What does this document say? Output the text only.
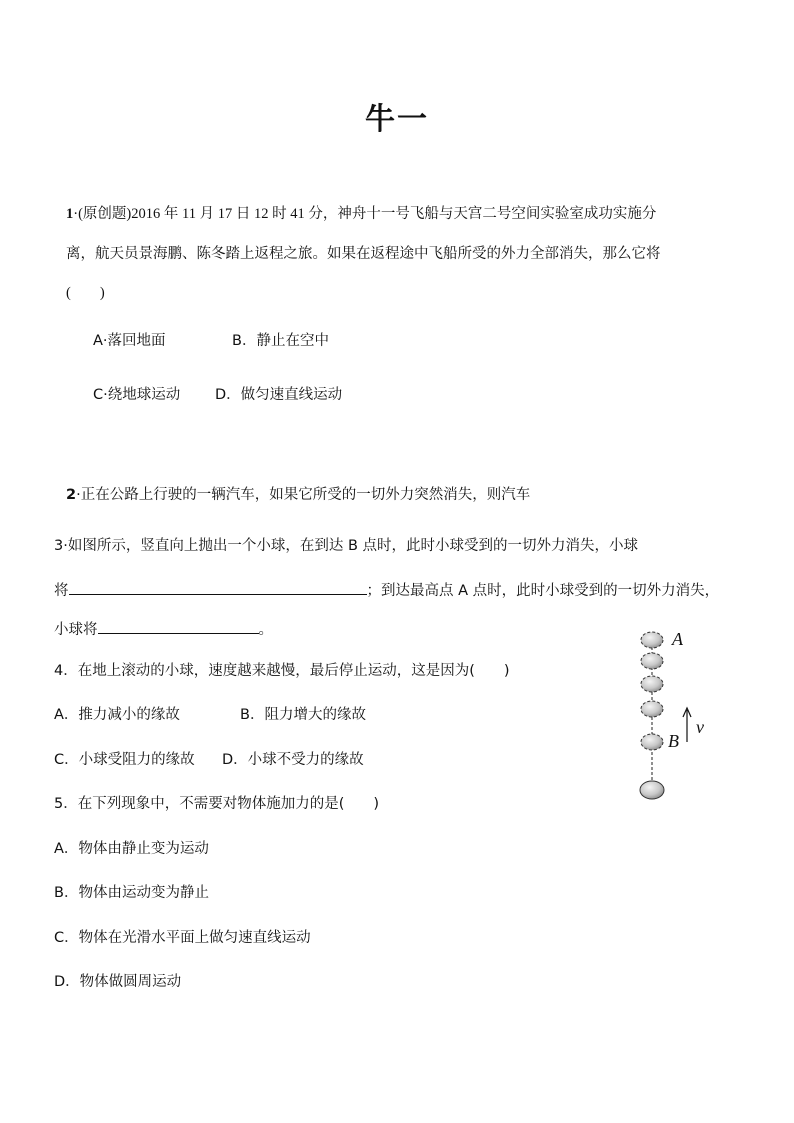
牛一
1·(原创题)2016 年 11 月 17 日 12 时 41 分，神舟十一号飞船与天宫二号空间实验室成功实施分
离，航天员景海鹏、陈冬踏上返程之旅。如果在返程途中飞船所受的外力全部消失，那么它将
(　　)
A·落回地面	B．静止在空中
C·绕地球运动 D．做匀速直线运动
2·正在公路上行驶的一辆汽车，如果它所受的一切外力突然消失，则汽车
3·如图所示，竖直向上抛出一个小球，在到达 B 点时，此时小球受到的一切外力消失，小球
将	；到达最高点 A 点时，此时小球受到的一切外力消失，
小球将	。
4．在地上滚动的小球，速度越来越慢，最后停止运动，这是因为(　　)
A．推力减小的缘故	B．阻力增大的缘故
C．小球受阻力的缘故 D．小球不受力的缘故
5．在下列现象中，不需要对物体施加力的是(　　)
A．物体由静止变为运动
B．物体由运动变为静止
C．物体在光滑水平面上做匀速直线运动
D．物体做圆周运动
A
B
v
